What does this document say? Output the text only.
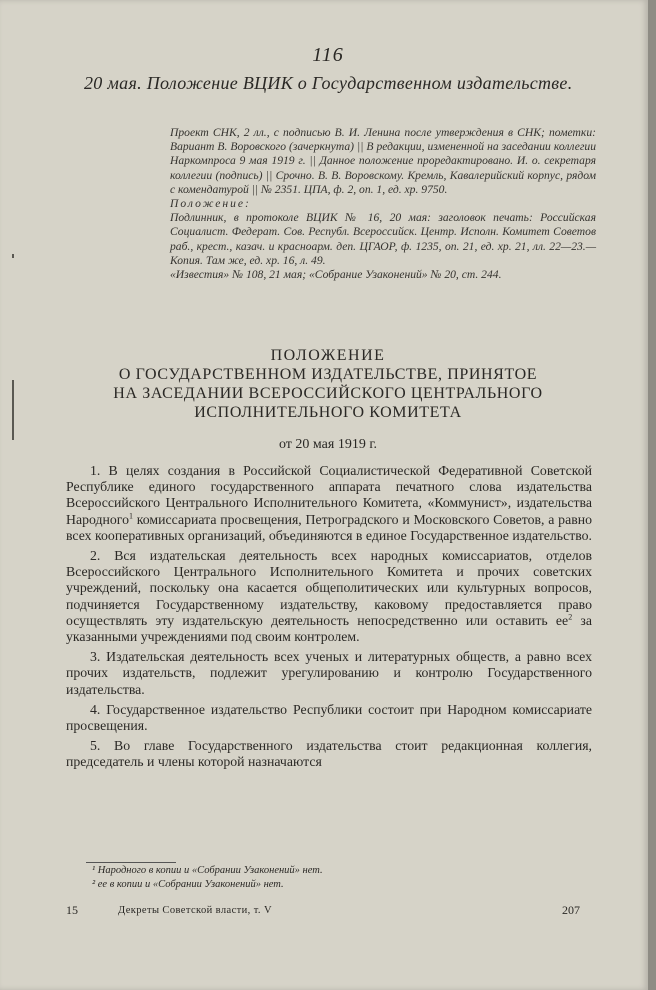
116
20 мая. Положение ВЦИК о Государственном издательстве.

Проект СНК, 2 лл., с подписью В. И. Ленина после утверждения в СНК; пометки: Вариант В. Воровского (зачеркнута) || В редакции, измененной на заседании коллегии Наркомпроса 9 мая 1919 г. || Данное положение проредактировано. И. о. секретаря коллегии (подпись) || Срочно. В. В. Воровскому. Кремль, Кавалерийский корпус, рядом с комендатурой || № 2351. ЦПА, ф. 2, оп. 1, ед. хр. 9750.

Положение:

Подлинник, в протоколе ВЦИК № 16, 20 мая: заголовок печать: Российская Социалист. Федерат. Сов. Республ. Всероссийск. Центр. Исполн. Комитет Советов раб., крест., казач. и красноарм. деп. ЦГАОР, ф. 1235, оп. 21, ед. хр. 21, лл. 22—23.— Копия. Там же, ед. хр. 16, л. 49.

«Известия» № 108, 21 мая; «Собрание Узаконений» № 20, ст. 244.

ПОЛОЖЕНИЕ
О ГОСУДАРСТВЕННОМ ИЗДАТЕЛЬСТВЕ, ПРИНЯТОЕ
НА ЗАСЕДАНИИ ВСЕРОССИЙСКОГО ЦЕНТРАЛЬНОГО
ИСПОЛНИТЕЛЬНОГО КОМИТЕТА
от 20 мая 1919 г.

1. В целях создания в Российской Социалистической Федеративной Советской Республике единого государственного аппарата печатного слова издательства Всероссийского Центрального Исполнительного Комитета, «Коммунист», издательства Народного$^1$ комиссариата просвещения, Петроградского и Московского Советов, а равно всех кооперативных организаций, объединяются в единое Государственное издательство.

2. Вся издательская деятельность всех народных комиссариатов, отделов Всероссийского Центрального Исполнительного Комитета и прочих советских учреждений, поскольку она касается общеполитических или культурных вопросов, подчиняется Государственному издательству, каковому предоставляется право осуществлять эту издательскую деятельность непосредственно или оставить $ее^2$ за указанными учреждениями под своим контролем.

3. Издательская деятельность всех ученых и литературных обществ, а равно всех прочих издательств, подлежит урегулированию и контролю Государственного издательства.

4. Государственное издательство Республики состоит при Народном комиссариате просвещения.

5. Во главе Государственного издательства стоит редакционная коллегия, председатель и члены которой назначаются

¹ Народного в копии и «Собрании Узаконений» нет.
² ее в копии и «Собрании Узаконений» нет.
15	Декреты Советской власти, т. V	207
